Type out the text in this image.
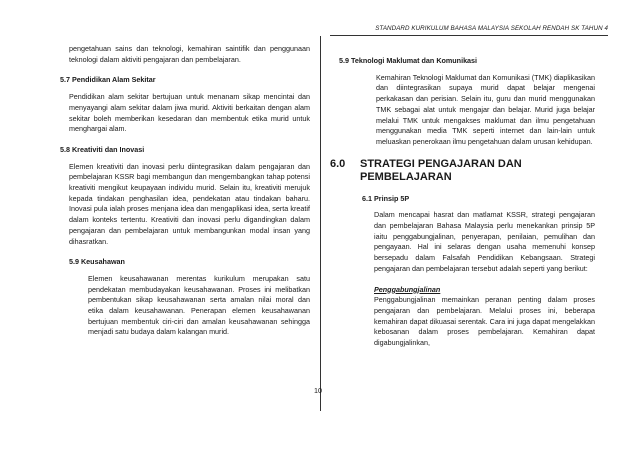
STANDARD KURIKULUM BAHASA MALAYSIA SEKOLAH RENDAH SK TAHUN 4

pengetahuan sains dan teknologi, kemahiran saintifik dan penggunaan teknologi dalam aktiviti pengajaran dan pembelajaran.

5.7 Pendidikan Alam Sekitar

Pendidikan alam sekitar bertujuan untuk menanam sikap mencintai dan menyayangi alam sekitar dalam jiwa murid. Aktiviti berkaitan dengan alam sekitar boleh memberikan kesedaran dan membentuk etika murid untuk menghargai alam.

5.8 Kreativiti dan Inovasi

Elemen kreativiti dan inovasi perlu diintegrasikan dalam pengajaran dan pembelajaran KSSR bagi membangun dan mengembangkan tahap potensi kreativiti mengikut keupayaan individu murid. Selain itu, kreativiti merujuk kepada tindakan penghasilan idea, pendekatan atau tindakan baharu. Inovasi pula ialah proses menjana idea dan mengaplikasi idea, serta kreatif dalam konteks tertentu. Kreativiti dan inovasi perlu digandingkan dalam pengajaran dan pembelajaran untuk membangunkan modal insan yang dihasratkan.

5.9 Keusahawan

Elemen keusahawanan merentas kurikulum merupakan satu pendekatan membudayakan keusahawanan. Proses ini melibatkan pembentukan sikap keusahawanan serta amalan nilai moral dan etika dalam keusahawanan. Penerapan elemen keusahawanan bertujuan membentuk ciri-ciri dan amalan keusahawanan sehingga menjadi satu budaya dalam kalangan murid.

5.9 Teknologi Maklumat dan Komunikasi

Kemahiran Teknologi Maklumat dan Komunikasi (TMK) diaplikasikan dan diintegrasikan supaya murid dapat belajar mengenai perkakasan dan perisian. Selain itu, guru dan murid menggunakan TMK sebagai alat untuk mengajar dan belajar. Murid juga belajar melalui TMK untuk mengakses maklumat dan ilmu pengetahuan menggunakan media TMK seperti internet dan lain-lain untuk meluaskan penerokaan ilmu pengetahuan dalam urusan kehidupan.

6.0 STRATEGI PENGAJARAN DAN
PEMBELAJARAN

6.1 Prinsip 5P

Dalam mencapai hasrat dan matlamat KSSR, strategi pengajaran dan pembelajaran Bahasa Malaysia perlu menekankan prinsip 5P iaitu penggabungjalinan, penyerapan, penilaian, pemulihan dan pengayaan. Hal ini selaras dengan usaha memenuhi konsep bersepadu dalam Falsafah Pendidikan Kebangsaan. Strategi pengajaran dan pembelajaran tersebut adalah seperti yang berikut:

Penggabungjalinan

Penggabungjalinan memainkan peranan penting dalam proses pengajaran dan pembelajaran. Melalui proses ini, beberapa kemahiran dapat dikuasai serentak. Cara ini juga dapat mengelakkan kebosanan dalam proses pembelajaran. Kemahiran dapat digabungjalinkan,

10
